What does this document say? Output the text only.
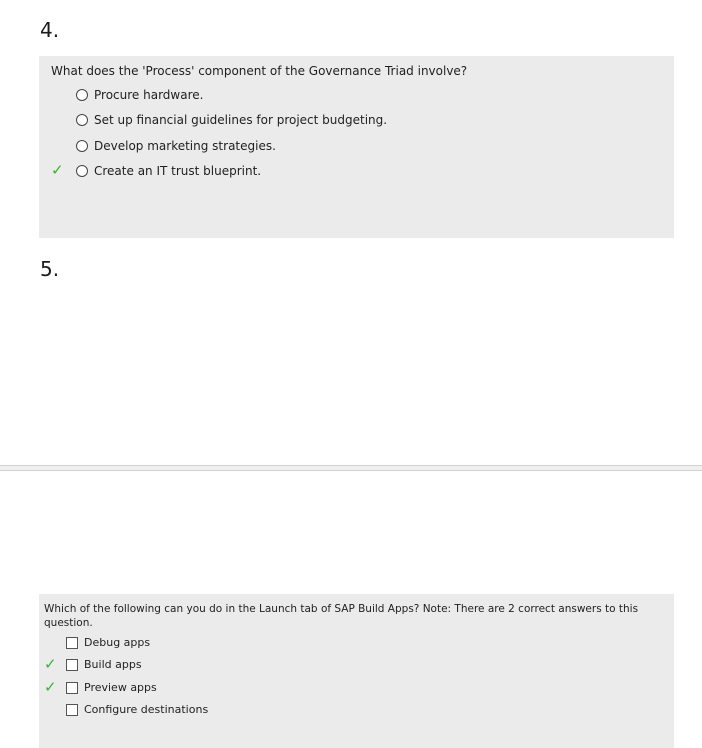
4.
What does the 'Process' component of the Governance Triad involve?
Procure hardware.
Set up financial guidelines for project budgeting.
Develop marketing strategies.
✓	Create an IT trust blueprint.
5.
Which of the following can you do in the Launch tab of SAP Build Apps? Note: There are 2 correct answers to this question.
Debug apps
✓ Build apps
✓ Preview apps
Configure destinations
